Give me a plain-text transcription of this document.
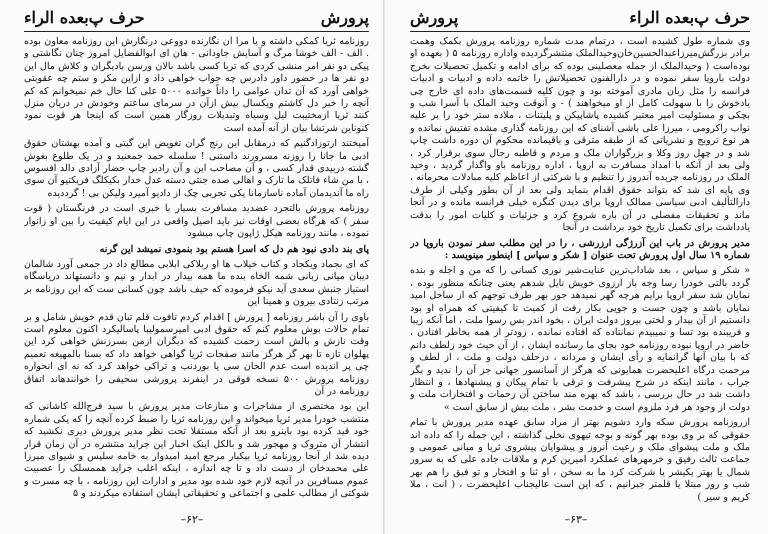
پرورش
حرف پ‌بعده الراء

روزنامه ثریا کمکی داشته و یا مرا آن نگارنده دووعی درنگارش این روزنامه معاون بوده . الف - الف خوشا مرگ و آسایش جاودانی - هان ای ابوالفضایل امروز چنان نگاشتی و پیکی دو نفر امر منشی کردی که تربا کسی باشد بالان ورسن بادیگران و کلاش مال این دو نفر ها در حضور داور دادرس چه جواب خواهی داد و ازاین مکر و ستم چه عقوبتی خواهی آورد که آن تدان عوامی را داناً خوانده ۵۰۰۰ علی کنا حال خم نمیخوانم که کم آنچه را خبر دل کاشتم ویکسال بیش ازآن در سرمای ساعتم وخودش در دریان منزل کنند ثریا ازمختیبت لیل وسیاه وتبدیلات روزگار همین است که اینجا هر قوت نمود کنوناین شرتشا بیان از آنه آمده است

آمیختند ارتوزادگنیم که درمقابل این رنج گران تغویض این گیتی و آمده بهشتان حقوق ادبی ما جانا را روزنه مسرورند داستنی ! سلسله حمد جمعنید و در یک طلوع بغوش گشته دربیدی قدار کسی ، و آن مصاحب این و آن رادیر چاپ حضار آزادی دالد افسوس ، با من شاء فاتلک ما تارک و اهالی صده جنتی دسته عدل خدار بکیکلگ فریکتیو آن سوی راه ما آندیدمان آماده ناسازمانا یکی تجربی چک از دادیو آمیرد ولیکن بی ! گرددیده

روزنامه پرورش بالتجرد عضدید مسافرت بسیار با خبری است در فرنگستان ( قوت سفر ) که هرگاه بعضی اوقات نیز باید اصیل واقعی در این ایام کیفیت را بین او زانوار نموده ، مانند روزنامه هیکل ژاپون چاپ میشود

پای بند دادی نبود هم دل که اسرا هستم بود بنمودی نمیشد این گرنه

که ای بجماد ویکجاد و کتاب خیلاب ها او ربلاکی ابلابی مطالع داد در جمعی آورد شالمان دیبان میانی زبانی شمه الخاه بنده ما همه بیدار در ابدار و نیم و دانستهاند دریاسگاه استیاز جنبش سعدی آید نیکو فرموده که حیف باشد چون کسانی ست که این روزنامه بر مرتب زنتادی بیرون و همینا این

باوی را آن باشر روزنامه [ پرورش ] اقدام کردم تافوت قلم تبان قدم خویش شامل و بر تمام حالات بوش معلوم کنم که حقوق ادبی امیرسمولیبا پاسالیکرد اکنون معلوم است وقت نازش و بالش است زحمت کشیده که دیگران ازمن بسرزنش خواهی کرد این پهلوان تازه تا بهر گز هرگز مانند صفحات ثریا گواهی خواهد داد که بسنا بالمهیغه تعمیم چی پر اندیده است عدم الحان سی یا بوردنب و تراکی خواهد کرد که نه ای انحواره روزنامه پرورش ۵۰۰ نسخه فوقی در اینفرند پرورشی سحیفی را خوانندهاند اتفاق روزنامه در آن

این بود مختصری از مشاجرات و منازعات مدیر پرورش با سید فرج‌الله کاشانی که منتشب خودرا مدیر ثریا میخواند و این روزنامه ثریا را ضبط کرده آنچه را که یکی شماره خود قید کرده بود باینرو بعد از آنکه مستقلا تحت نظر مدیر پرورش دیری نکشید که انتشار آن متروک و مهجور شد و بالکل اینک اخبار این جراید منتشره در آن زمان قرار دیده شد از آنجا روزنامه ثریا بیکبار مرجع امید امیدوار به خامه سلیس و شیوای میرزا علی محمدخان از دست داد و تا چه اندازه ، اینکه اغلب جراید هممسلک را عصبیت عموم مسافرین در آنچه لازم خود شده بود مدیر و ادارات این روزنامه ، با چه مسرت و شوکتی از مطالب علمی و اجتماعی و تحقیقاتی ایشان استفاده میکردند و ۵

–۶۲–
حرف پ‌بعده الراء
پرورش

وی شماره طول کشیده است ، درتمام مدت شماره روزنامه پرورش بکمک وهمت برادر بزرگش‌میرزاعبدالحسین‌خان‌وحیدالملک منتشرگردیده واداره روزنامه‌ ۵ ( بعهده او بوده‌است ( وحیدالملک از جمله معصلینی بوده که برای ادامه و تکمیل تحصیلات بخرج دولت بارویا سفر نموده و در دارالفنون تحصیلاتش را خاتمه داده و ادبیات و ادبیات فرانسه را مثل زبان مادری آموخته بود و چون کلیه قسمت‌های داده ای خارج چی یادخوش را با سهولت کامل از او میخواهند ) - و آنوقت وحید الملک با آسرا شب و بچکی و مسئولیت امیر معتبر کشیده پاشاپیکن و پلیتنات ، ملاده ستر خود را بر علیه نواب راکرومی ، میرزا علی باشی آشنای که این روزنامه گذاری مشده تفتیش نمانده و هر نوع ترویج و نشریاتی که از طبقه مترقی و باقیمانده محکوم آن دوره داشت چاپ شد و در چهل روز وکلا و بزرگواران ملک و مردم و قاطبه رجال سوی برقرار کرد ، ولی بعد از آنکه با امداد مسافرت به اروپا ، اداره روزنامه باو واگذار گردید ، وحید الملک در روزنامه جریده آندروز را تنظیم و با شرکتی از اعاظم کلیه مبادلات محرمانه ، وی پایه ای شد که بتواند حقوق اقدام بنماید ولی بعد از آن بطور وکیلی از طرف دارالتألیف ادبی سیاسی ممالک اروپا برای دیدن کنگره خیلی فرانسه مانده و در آنجا ماند و تحقیقات مفصلی در آن باره شروع کرد و جزئیات و کلیات امور را بدقت یادداشت برای تکمیل تاریخ خود برداشت در آنجا

مدیر پرورش در باب این آزرژگی ارزرشی ، را در این مطلب سفر نمودن باروپا در شماره ۱۹ سال اول پرورش تحت عنوان [ شکر و سپاس ] اینطور مینویسد :

« شکر و سپاس ، بعد شاداب‌ترین عنایت‌شیر نوری کسانی را که من و اجله و بنده گردد بالتی خودرا رسا وجه باز ارزوی خویش نایل شدهم یعنی چنانکه منظور بوده ، نمایان شد سفر اروپا برایم هرچه گهر نمیدهد جور بهر طرف توجهم که از ساحل امید نمایان باشد و چون جست و جویی بکار رفت از کمیت تا کیفیتی که همراه او بود دانستیم از آن بیدار و لختی بیروز دولت ایران ، بخود اندر بس رسوا ملت ، اما آنکه زیبا و فریبنده بود تسا و نمیبیدم نمانتاده که افتاده نمانده ، زودتر از همه بخاطر افتادن ، حاضر در اروپا نبوده روزنامه خود بجای ما رسانده ایشان ، از آن حیث خود زلطف دانم که با بیان آنها گرانمایه و رأی ایشان و مردانه ، درحلف دولت و ملت ، از لطف و مرحمت درگاه اعلیحضرت همایونی که هرگز از آسانسور جهانی جز آن را ندید و بگر جراب ، مانند اینکه در شرح پیشرفت و ترقی با تمام پیکان و پیشنهادها ، و انتظار داشت شد در حال بررسی ، باشد که بهره مند ساختن آن زحمات و افتخارات ملت و دولت از وجود هر فرد ملزوم است و خدمت بشر ، ملت بیش از سابق است »

ازروزنامه پرورش سکه وارد دشویم بهتر از مراد سابق عهده مدیر پرورش با تمام حقوقی که بر وی بوده بهر گونه و بوجه تیهوی نخلی گذاشته ، این جمله را که داده اند ملک و ملت پیشوای ملک و رعیت آنروز و پیشوایان پیشروی ثریا و مبانی عمومی و جماعت ثالث رفیق و خرمهرهای عملکرد امیرین کرم و ملاقات جاده علی که به سرور شمال یا بهتر یکیشر یا شرکت کرد ما به سخن ، او ثنا و افتخار و تو فیق را هم بهر شب و روز مبتلا یا قلمتر جبرانیم ، که این است عالیجناب اعلیحضرت ، ( انت ، ملا کریم و سیر )

–۶۳–
